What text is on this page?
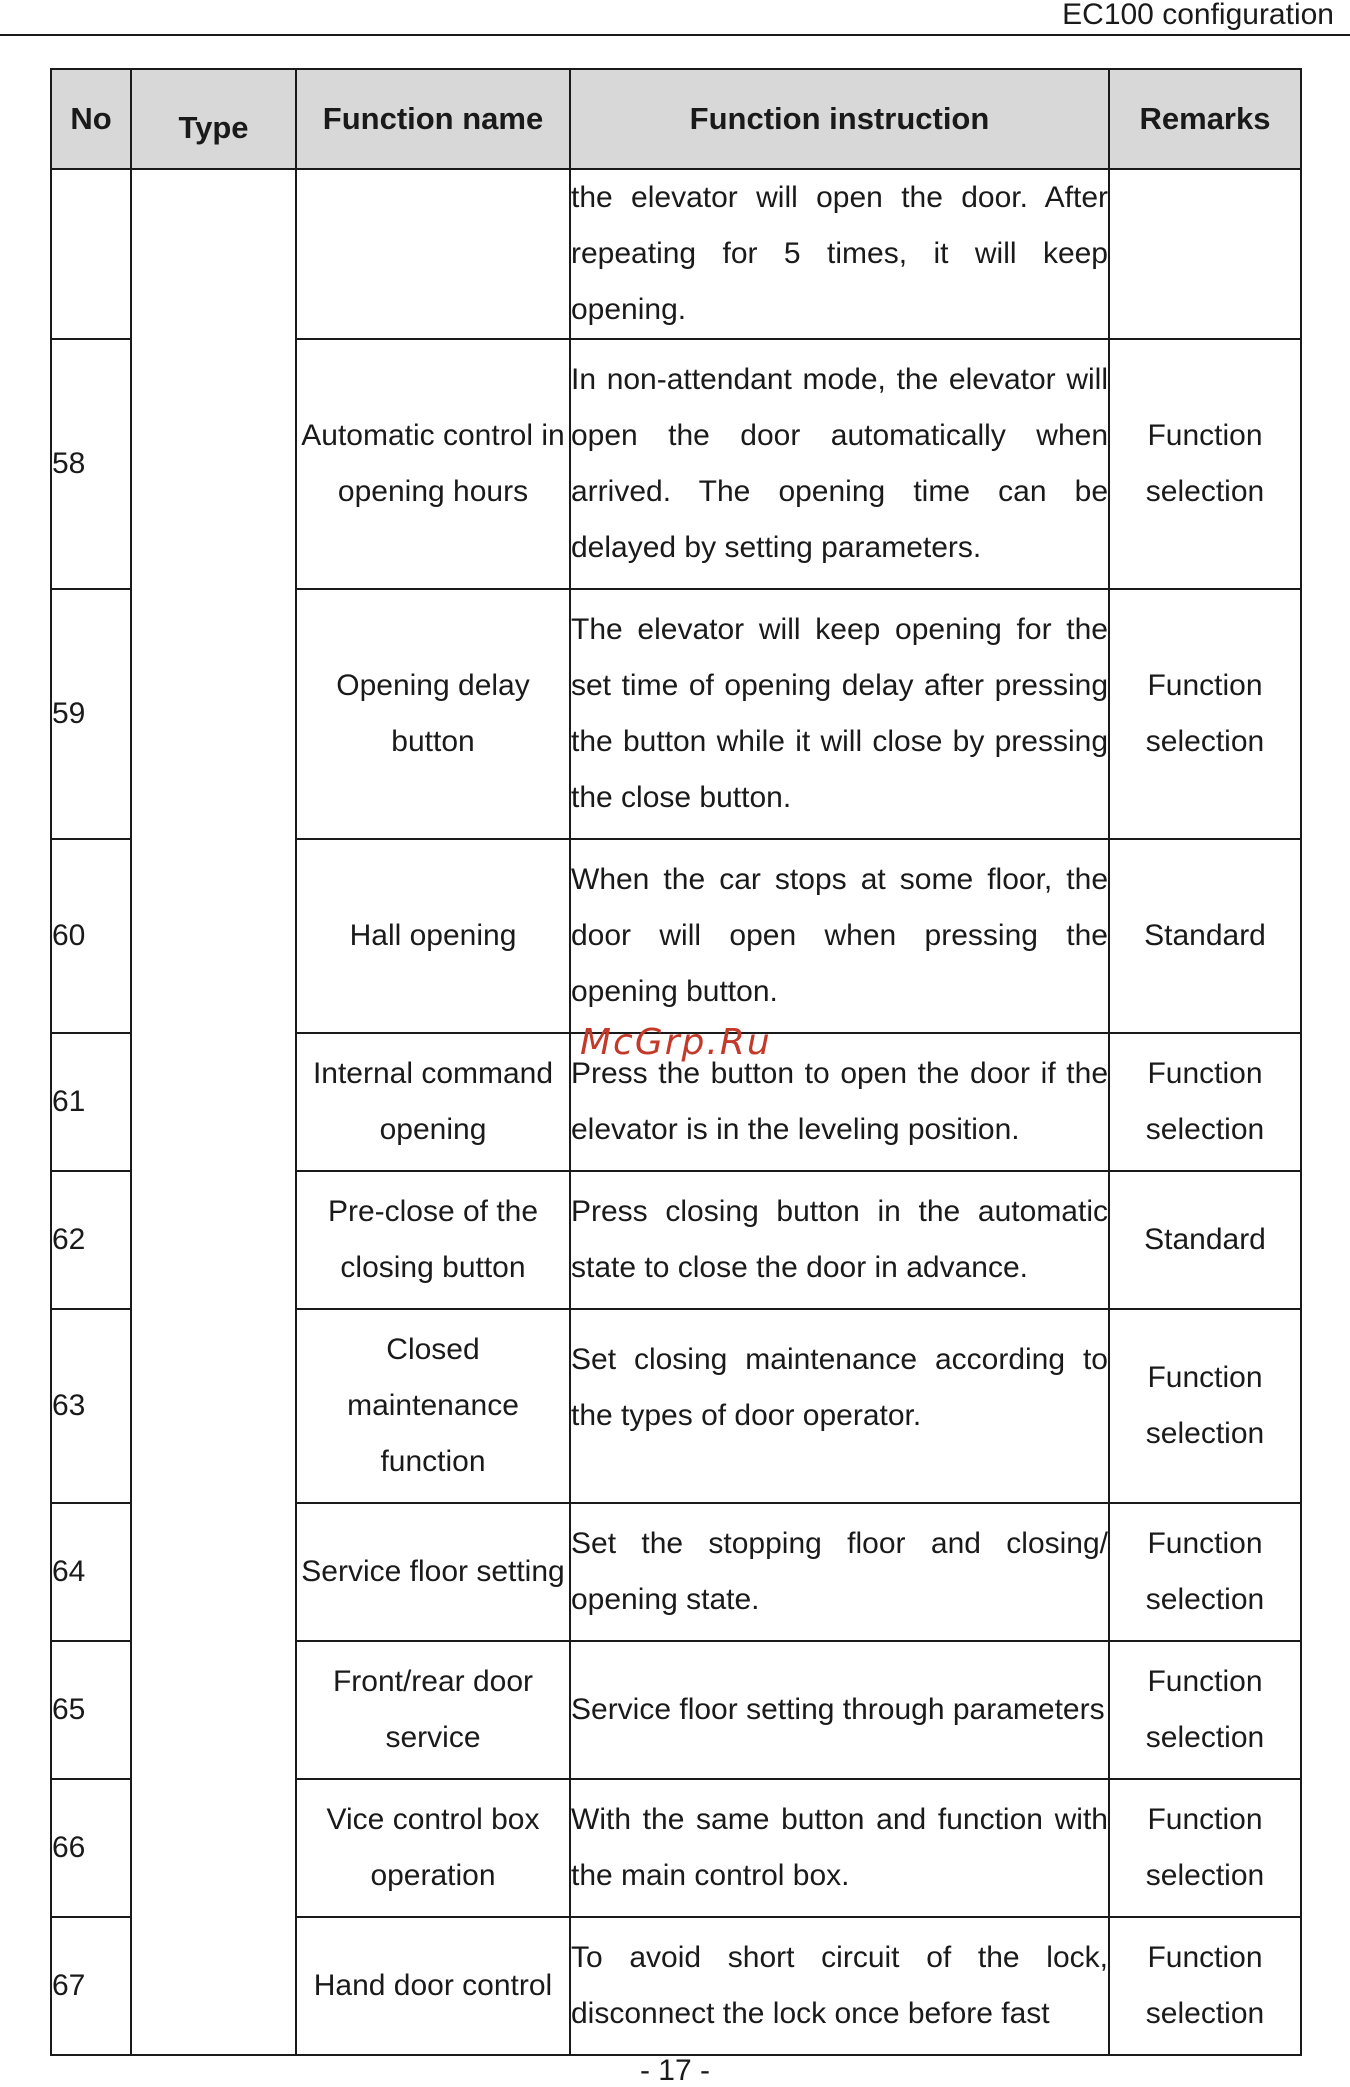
EC100 configuration
No	Type	Function name	Function instruction	Remarks
			the elevator will open the door. After repeating for 5 times, it will keep opening.	
58		Automatic control in opening hours	In non-attendant mode, the elevator will open the door automatically when arrived. The opening time can be delayed by setting parameters.	Function selection
59		Opening delay button	The elevator will keep opening for the set time of opening delay after pressing the button while it will close by pressing the close button.	Function selection
60		Hall opening	When the car stops at some floor, the door will open when pressing the opening button.	Standard
61		Internal command opening	Press the button to open the door if the elevator is in the leveling position.	Function selection
62		Pre-close of the closing button	Press closing button in the automatic state to close the door in advance.	Standard
63		Closed maintenance function	Set closing maintenance according to the types of door operator.	Function selection
64		Service floor setting	Set the stopping floor and closing/ opening state.	Function selection
65		Front/rear door service	Service floor setting through parameters	Function selection
66		Vice control box operation	With the same button and function with the main control box.	Function selection
67		Hand door control	To avoid short circuit of the lock, disconnect the lock once before fast	Function selection
McGrp.Ru
- 17 -
